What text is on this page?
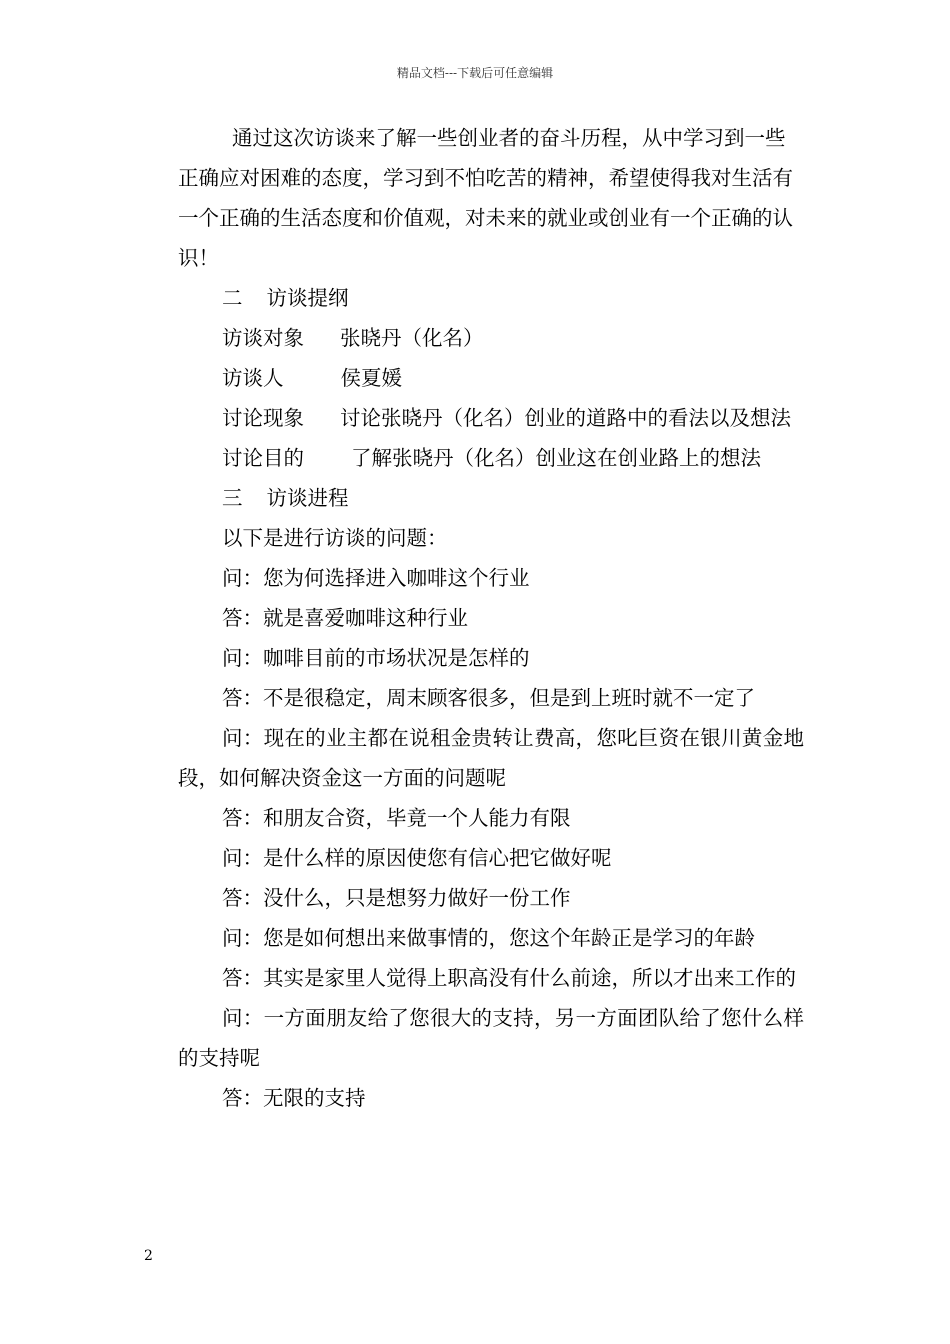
精品文档---下载后可任意编辑

通过这次访谈来了解一些创业者的奋斗历程，从中学习到一些正确应对困难的态度，学习到不怕吃苦的精神，希望使得我对生活有一个正确的生活态度和价值观，对未来的就业或创业有一个正确的认识！

二 访谈提纲

访谈对象 张晓丹（化名）

访谈人	侯夏媛

讨论现象 讨论张晓丹（化名）创业的道路中的看法以及想法

讨论目的 了解张晓丹（化名）创业这在创业路上的想法

三 访谈进程

以下是进行访谈的问题：

问：您为何选择进入咖啡这个行业

答：就是喜爱咖啡这种行业

问：咖啡目前的市场状况是怎样的

答：不是很稳定，周末顾客很多，但是到上班时就不一定了

问：现在的业主都在说租金贵转让费高，您叱巨资在银川黄金地段，如何解决资金这一方面的问题呢

答：和朋友合资，毕竟一个人能力有限

问：是什么样的原因使您有信心把它做好呢

答：没什么，只是想努力做好一份工作

问：您是如何想出来做事情的，您这个年龄正是学习的年龄

答：其实是家里人觉得上职高没有什么前途，所以才出来工作的

问：一方面朋友给了您很大的支持，另一方面团队给了您什么样的支持呢

答：无限的支持

2
